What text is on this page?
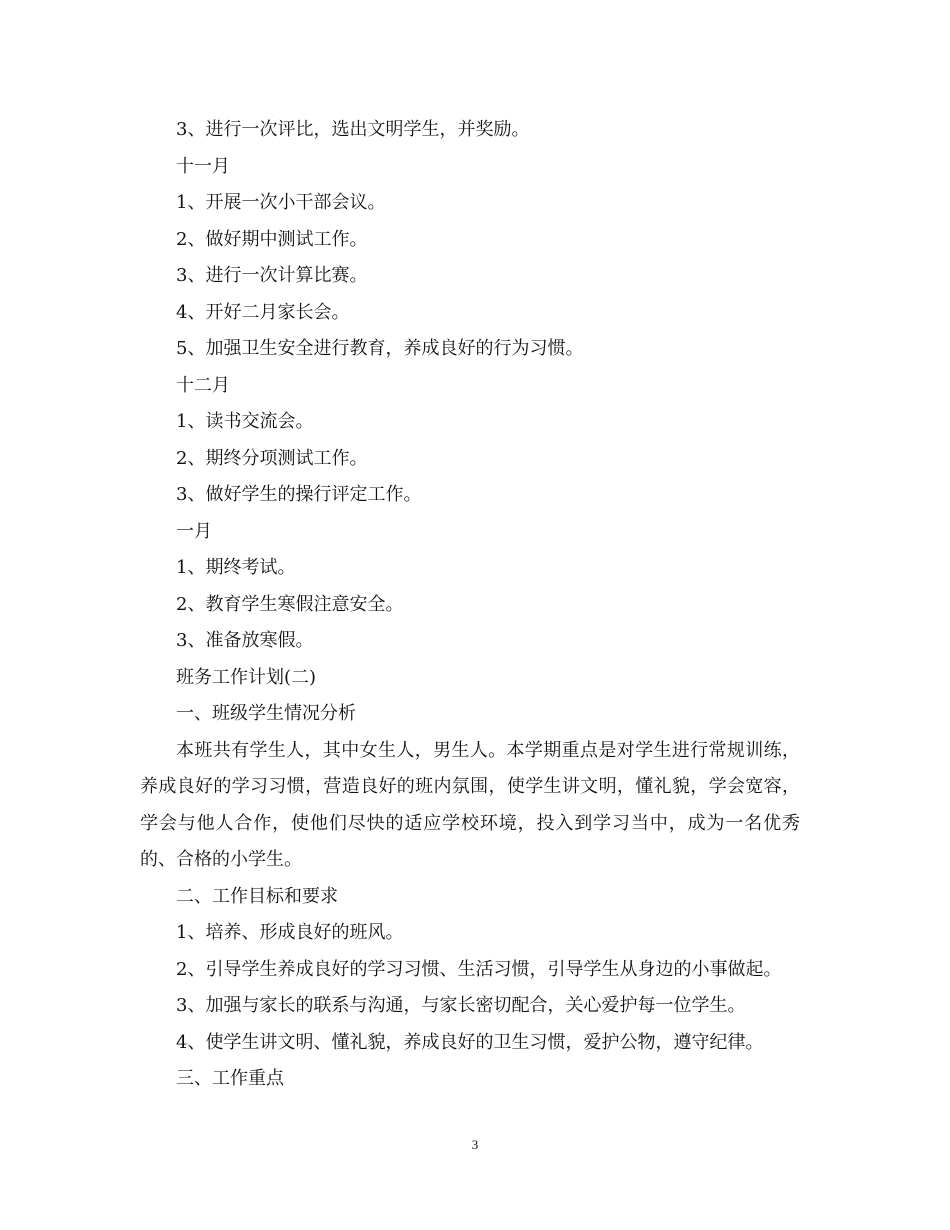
3、进行一次评比，选出文明学生，并奖励。
十一月
1、开展一次小干部会议。
2、做好期中测试工作。
3、进行一次计算比赛。
4、开好二月家长会。
5、加强卫生安全进行教育，养成良好的行为习惯。
十二月
1、读书交流会。
2、期终分项测试工作。
3、做好学生的操行评定工作。
一月
1、期终考试。
2、教育学生寒假注意安全。
3、准备放寒假。
班务工作计划(二)
一、班级学生情况分析
本班共有学生人，其中女生人，男生人。本学期重点是对学生进行常规训练，养成良好的学习习惯，营造良好的班内氛围，使学生讲文明，懂礼貌，学会宽容，学会与他人合作，使他们尽快的适应学校环境，投入到学习当中，成为一名优秀的、合格的小学生。
二、工作目标和要求
1、培养、形成良好的班风。
2、引导学生养成良好的学习习惯、生活习惯，引导学生从身边的小事做起。
3、加强与家长的联系与沟通，与家长密切配合，关心爱护每一位学生。
4、使学生讲文明、懂礼貌，养成良好的卫生习惯，爱护公物，遵守纪律。
三、工作重点
3
